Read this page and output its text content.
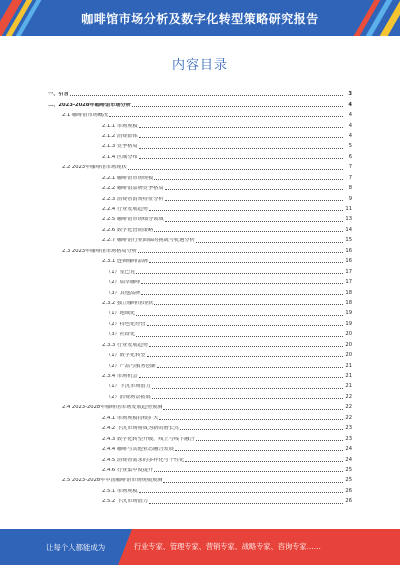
咖啡馆市场分析及数字化转型策略研究报告
内容目录
一、引言	3
二、2023-2028年咖啡馆市场分析	4
2.1 咖啡馆市场概况	4
2.1.1 市场规模	4
2.1.2 消费群体	4
2.1.3 竞争格局	5
2.1.4 区域分布	6
2.2 2023年咖啡馆市场现状	7
2.2.1 咖啡馆市场规模	7
2.2.2 咖啡馆品牌竞争格局	8
2.2.3 消费者消费特征分析	9
2.2.4 行业发展趋势	11
2.2.5 咖啡馆市场细分领域	13
2.2.6 数字化营销策略	14
2.2.7 咖啡馆行业面临的挑战与机遇分析	15
2.3 2023年咖啡馆市场格局分析	16
2.3.1 连锁咖啡品牌	16
（1）星巴克	17
（2）瑞幸咖啡	17
（3）其他品牌	18
2.3.2 独立咖啡馆现状	18
（1）地域化	19
（2）特色化经营	19
（3）社群化	20
2.3.3 行业发展趋势	20
（1）数字化转型	20
（2）产品与服务创新	21
2.3.4 市场机会	21
（1）下沉市场潜力	21
（2）消费场景拓展	22
2.4 2023-2028年咖啡馆市场发展趋势预测	22
2.4.1 市场规模持续扩大	22
2.4.2 下沉市场将成为新的增长点	23
2.4.3 数字化转型升级，线上与线下融合	23
2.4.4 咖啡与其他业态融合发展	24
2.4.5 消费者需求的多样化与个性化	24
2.4.6 行业集中度提升	25
2.5 2023-2028年中国咖啡馆市场规模预测	25
2.5.1 市场规模	26
2.5.2 下沉市场潜力	26
让每个人都能成为	行业专家、管理专家、营销专家、战略专家、咨询专家……
